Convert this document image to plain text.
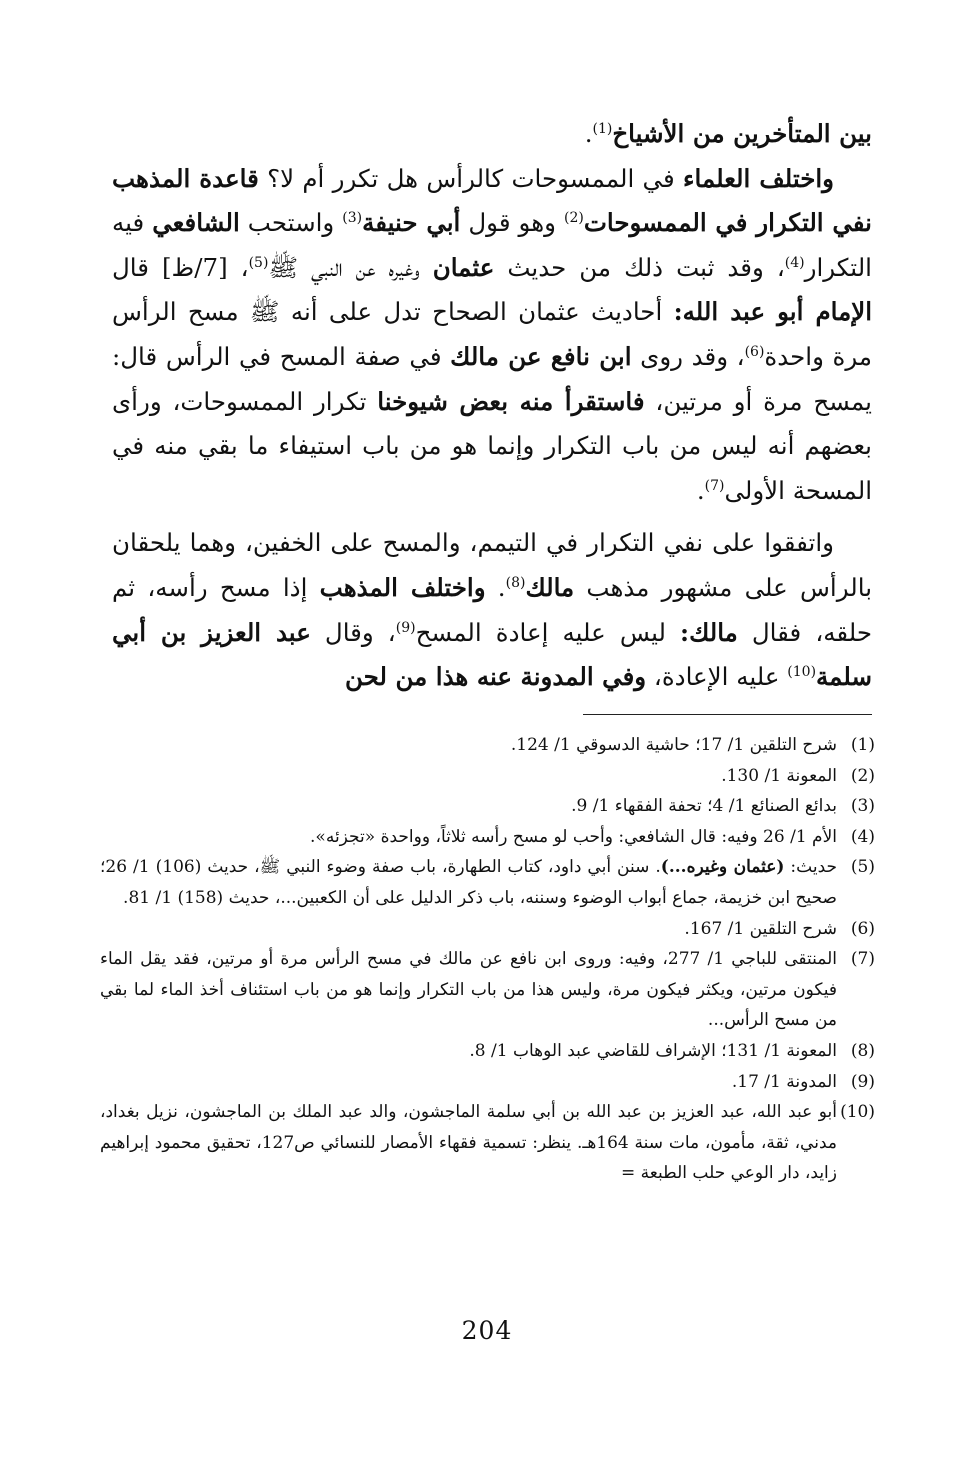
بين المتأخرين من الأشياخ$^{(1)}$.

واختلف العلماء في الممسوحات كالرأس هل تكرر أم لا؟ قاعدة المذهب نفي التكرار في الممسوحات$^{(2)}$ وهو قول أبي حنيفة$^{(3)}$ واستحب الشافعي فيه التكرار$^{(4)}$، وقد ثبت ذلك من حديث عثمان وغيره عن النبي ﷺ$^{(5)}$، [7/ظ] قال الإمام أبو عبد الله: أحاديث عثمان الصحاح تدل على أنه ﷺ مسح الرأس مرة واحدة$^{(6)}$، وقد روى ابن نافع عن مالك في صفة المسح في الرأس قال: يمسح مرة أو مرتين، فاستقرأ منه بعض شيوخنا تكرار الممسوحات، ورأى بعضهم أنه ليس من باب التكرار وإنما هو من باب استيفاء ما بقي منه في المسحة الأولى$^{(7)}$.

واتفقوا على نفي التكرار في التيمم، والمسح على الخفين، وهما يلحقان بالرأس على مشهور مذهب مالك$^{(8)}$. واختلف المذهب إذا مسح رأسه، ثم حلقه، فقال مالك: ليس عليه إعادة المسح$^{(9)}$، وقال عبد العزيز بن أبي سلمة$^{(10)}$ عليه الإعادة، وفي المدونة عنه هذا من لحن

(1)
شرح التلقين 1/ 17؛ حاشية الدسوقي 1/ 124.
(2)
المعونة 1/ 130.
(3)
بدائع الصنائع 1/ 4؛ تحفة الفقهاء 1/ 9.
(4)
الأم 1/ 26 وفيه: قال الشافعي: وأحب لو مسح رأسه ثلاثاً، وواحدة «تجزئه».
(5)
حديث: (عثمان وغيره...). سنن أبي داود، كتاب الطهارة، باب صفة وضوء النبي ﷺ، حديث (106) 1/ 26؛ صحيح ابن خزيمة، جماع أبواب الوضوء وسننه، باب ذكر الدليل على أن الكعبين...، حديث (158) 1/ 81.
(6)
شرح التلقين 1/ 167.
(7)
المنتقى للباجي 1/ 277، وفيه: وروى ابن نافع عن مالك في مسح الرأس مرة أو مرتين، فقد يقل الماء فيكون مرتين، ويكثر فيكون مرة، وليس هذا من باب التكرار وإنما هو من باب استئناف أخذ الماء لما بقي من مسح الرأس...
(8)
المعونة 1/ 131؛ الإشراف للقاضي عبد الوهاب 1/ 8.
(9)
المدونة 1/ 17.
(10)
أبو عبد الله، عبد العزيز بن عبد الله بن أبي سلمة الماجشون، والد عبد الملك بن الماجشون، نزيل بغداد، مدني، ثقة، مأمون، مات سنة 164هـ. ينظر: تسمية فقهاء الأمصار للنسائي ص127، تحقيق محمود إبراهيم زايد، دار الوعي حلب الطبعة =
204
